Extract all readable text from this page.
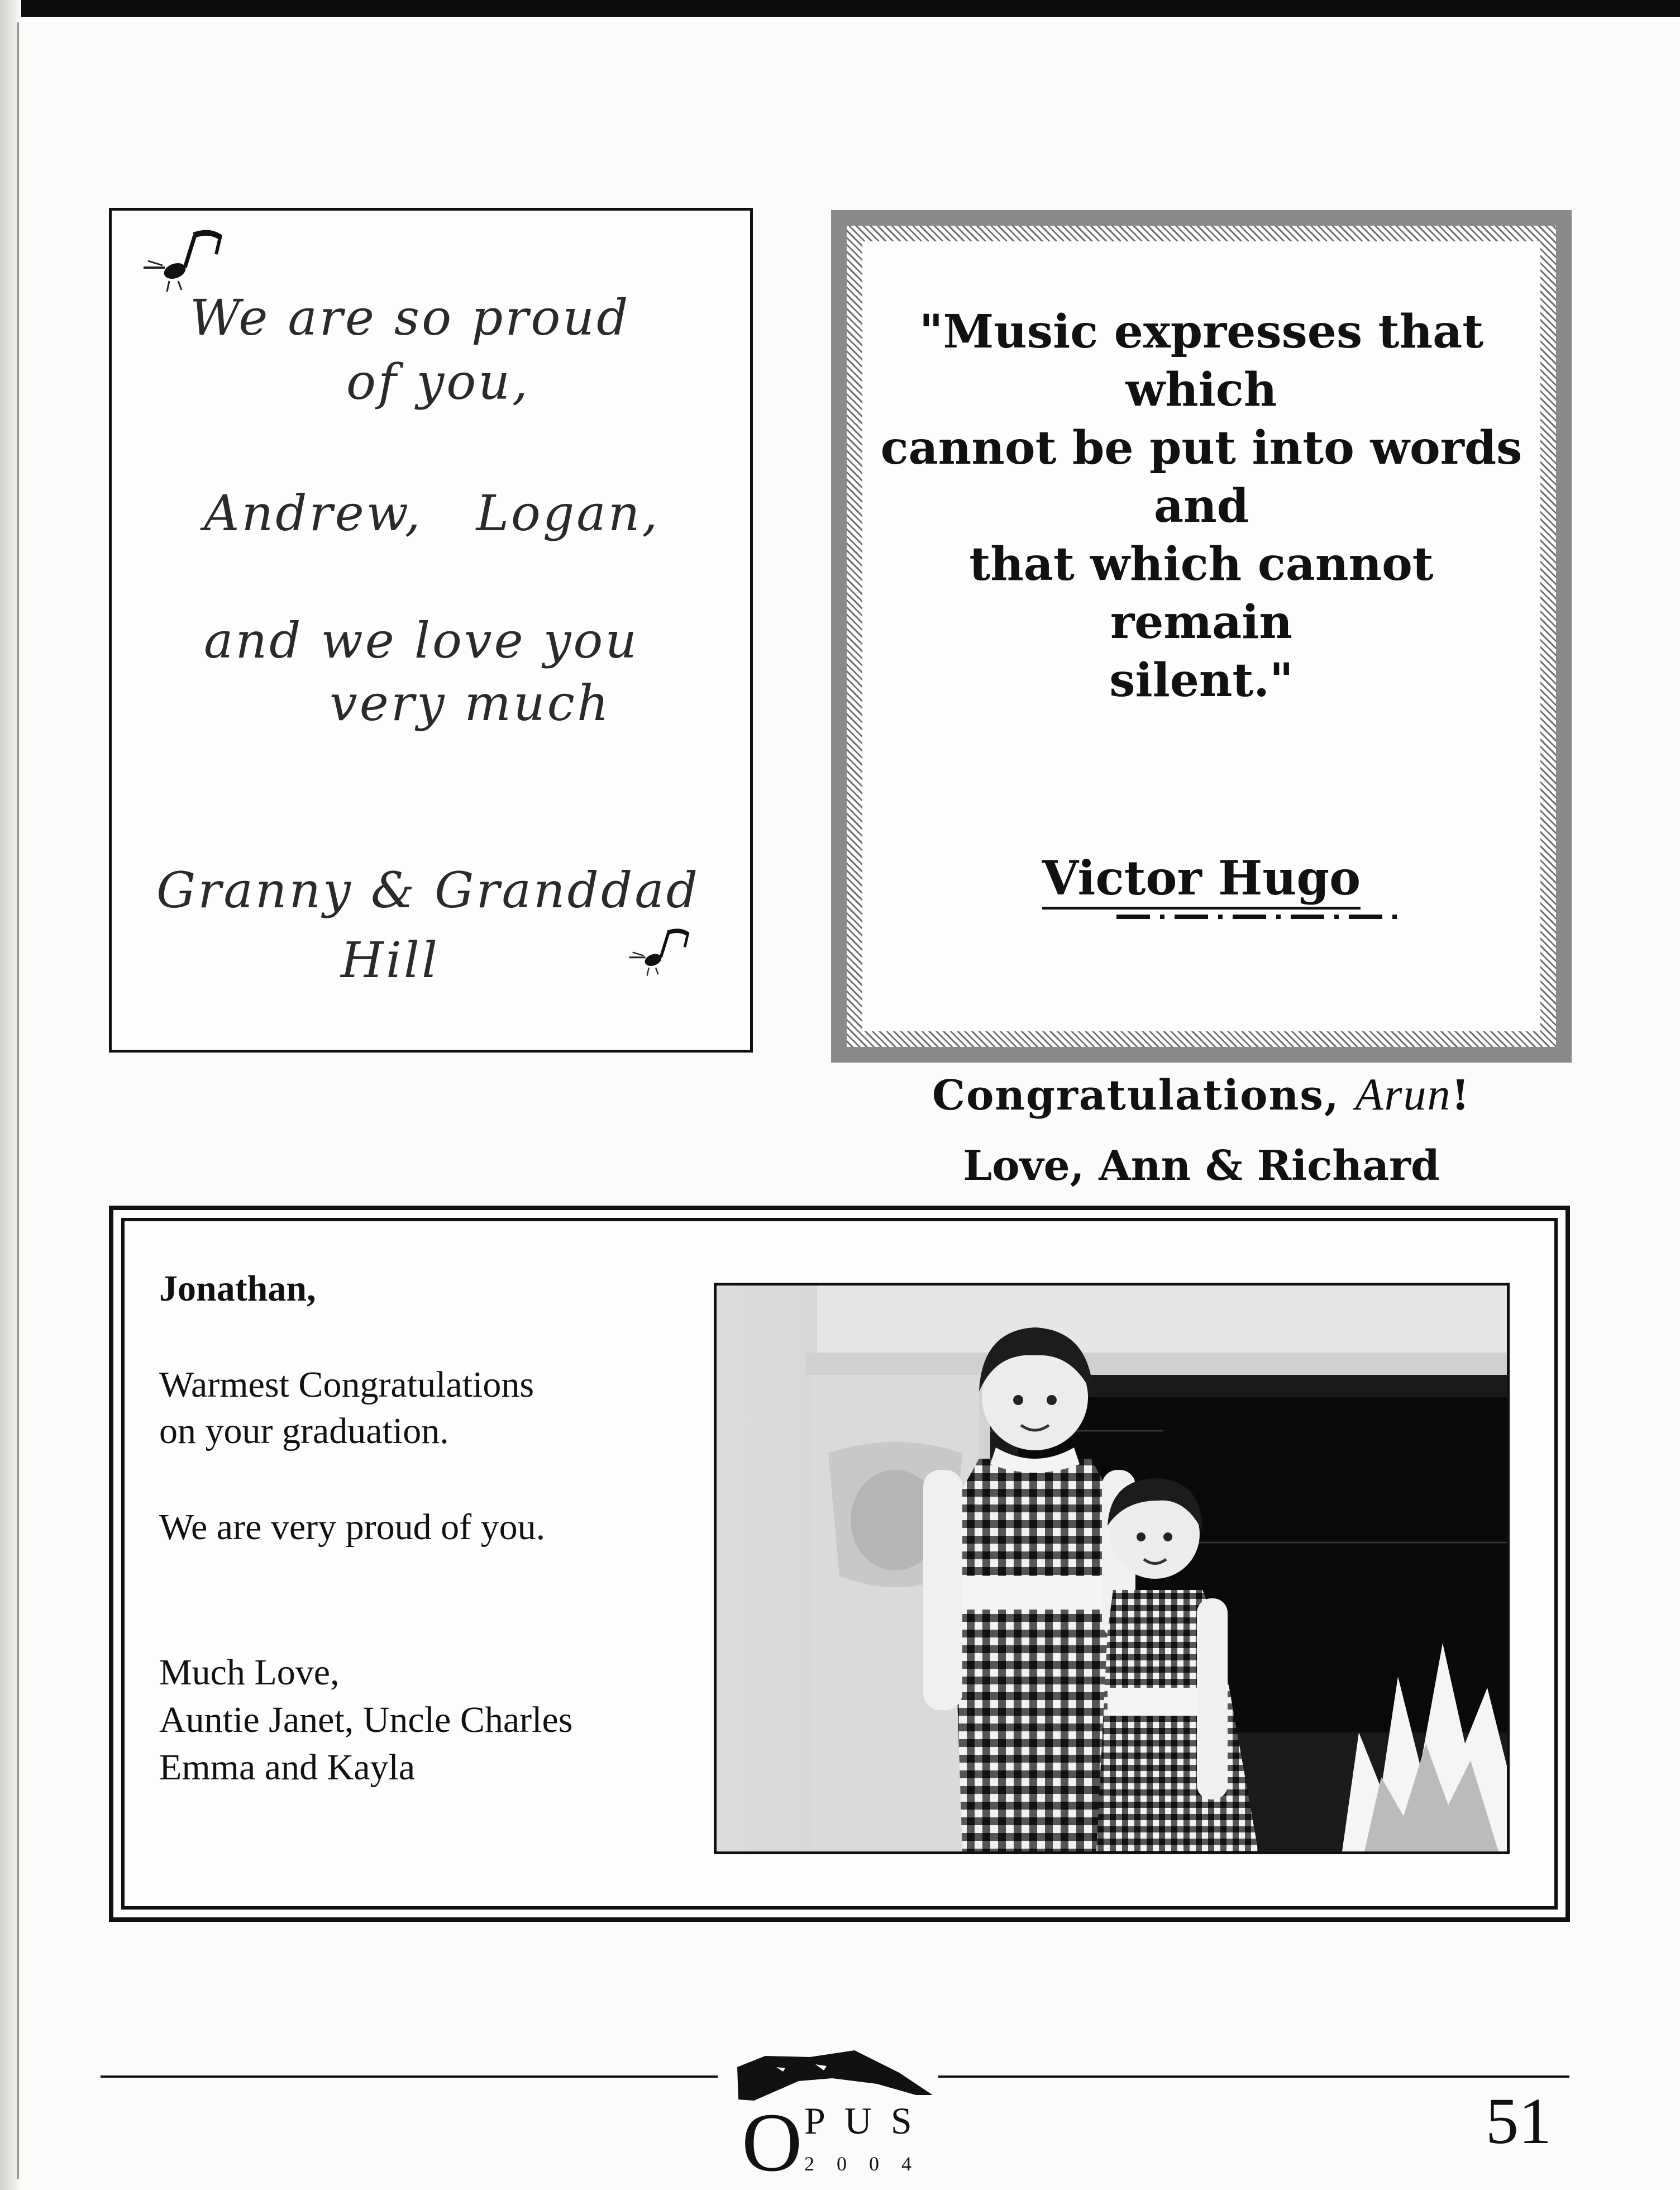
We are so proud
of you,
Andrew,   Logan,
and we love you
very much
Granny & Granddad
Hill
"Music expresses that which
cannot be put into words and
that which cannot remain
silent."
Victor Hugo
Congratulations, Arun!
Love, Ann & Richard
Jonathan,
Warmest Congratulations
on your graduation.
We are very proud of you.
Much Love,
Auntie Janet, Uncle Charles
Emma and Kayla
O PUS
2004
51
